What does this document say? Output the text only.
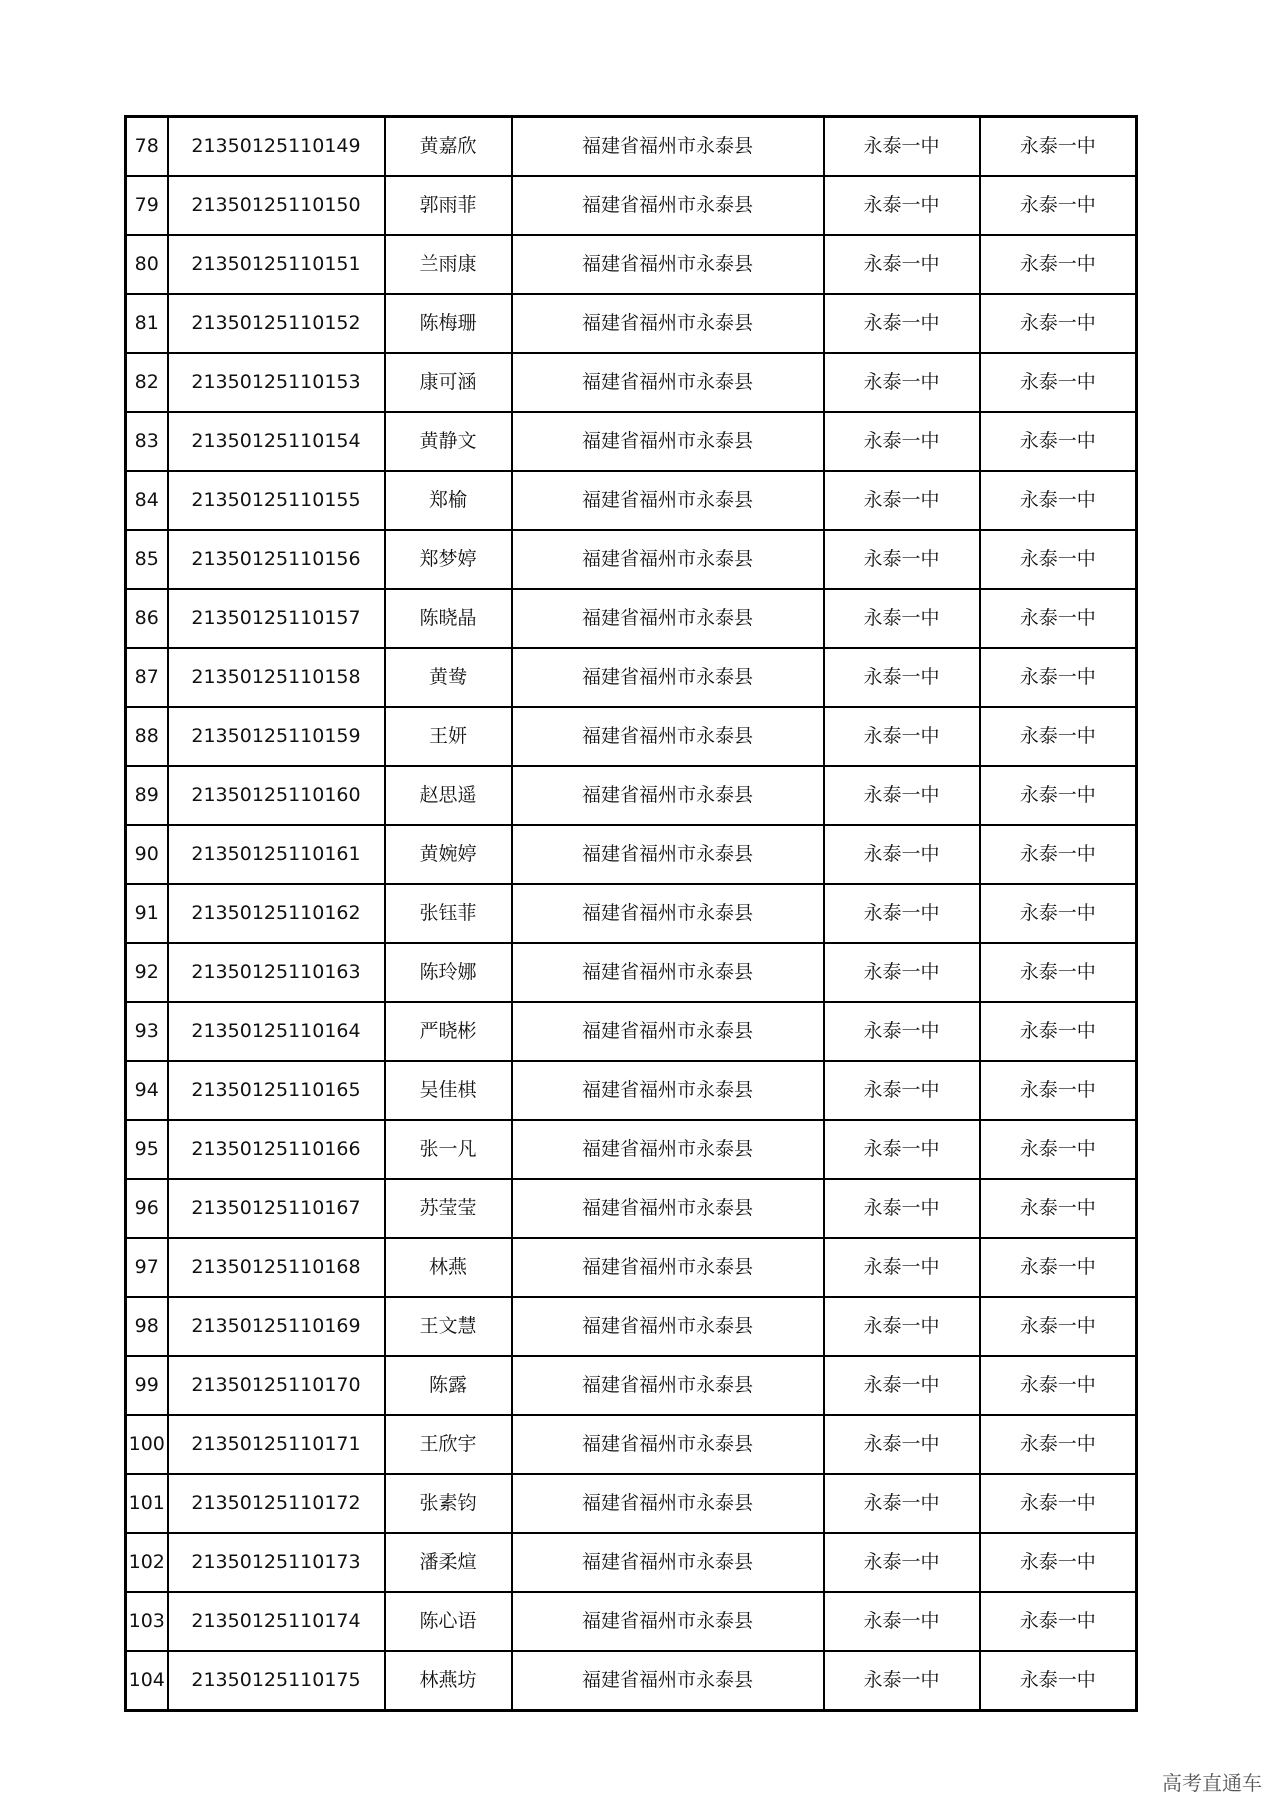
78	21350125110149	黄嘉欣	福建省福州市永泰县	永泰一中	永泰一中
79	21350125110150	郭雨菲	福建省福州市永泰县	永泰一中	永泰一中
80	21350125110151	兰雨康	福建省福州市永泰县	永泰一中	永泰一中
81	21350125110152	陈梅珊	福建省福州市永泰县	永泰一中	永泰一中
82	21350125110153	康可涵	福建省福州市永泰县	永泰一中	永泰一中
83	21350125110154	黄静文	福建省福州市永泰县	永泰一中	永泰一中
84	21350125110155	郑榆	福建省福州市永泰县	永泰一中	永泰一中
85	21350125110156	郑梦婷	福建省福州市永泰县	永泰一中	永泰一中
86	21350125110157	陈晓晶	福建省福州市永泰县	永泰一中	永泰一中
87	21350125110158	黄鸯	福建省福州市永泰县	永泰一中	永泰一中
88	21350125110159	王妍	福建省福州市永泰县	永泰一中	永泰一中
89	21350125110160	赵思遥	福建省福州市永泰县	永泰一中	永泰一中
90	21350125110161	黄婉婷	福建省福州市永泰县	永泰一中	永泰一中
91	21350125110162	张钰菲	福建省福州市永泰县	永泰一中	永泰一中
92	21350125110163	陈玲娜	福建省福州市永泰县	永泰一中	永泰一中
93	21350125110164	严晓彬	福建省福州市永泰县	永泰一中	永泰一中
94	21350125110165	吴佳棋	福建省福州市永泰县	永泰一中	永泰一中
95	21350125110166	张一凡	福建省福州市永泰县	永泰一中	永泰一中
96	21350125110167	苏莹莹	福建省福州市永泰县	永泰一中	永泰一中
97	21350125110168	林燕	福建省福州市永泰县	永泰一中	永泰一中
98	21350125110169	王文慧	福建省福州市永泰县	永泰一中	永泰一中
99	21350125110170	陈露	福建省福州市永泰县	永泰一中	永泰一中
100	21350125110171	王欣宇	福建省福州市永泰县	永泰一中	永泰一中
101	21350125110172	张素钧	福建省福州市永泰县	永泰一中	永泰一中
102	21350125110173	潘柔煊	福建省福州市永泰县	永泰一中	永泰一中
103	21350125110174	陈心语	福建省福州市永泰县	永泰一中	永泰一中
104	21350125110175	林燕坊	福建省福州市永泰县	永泰一中	永泰一中
高考直通车
